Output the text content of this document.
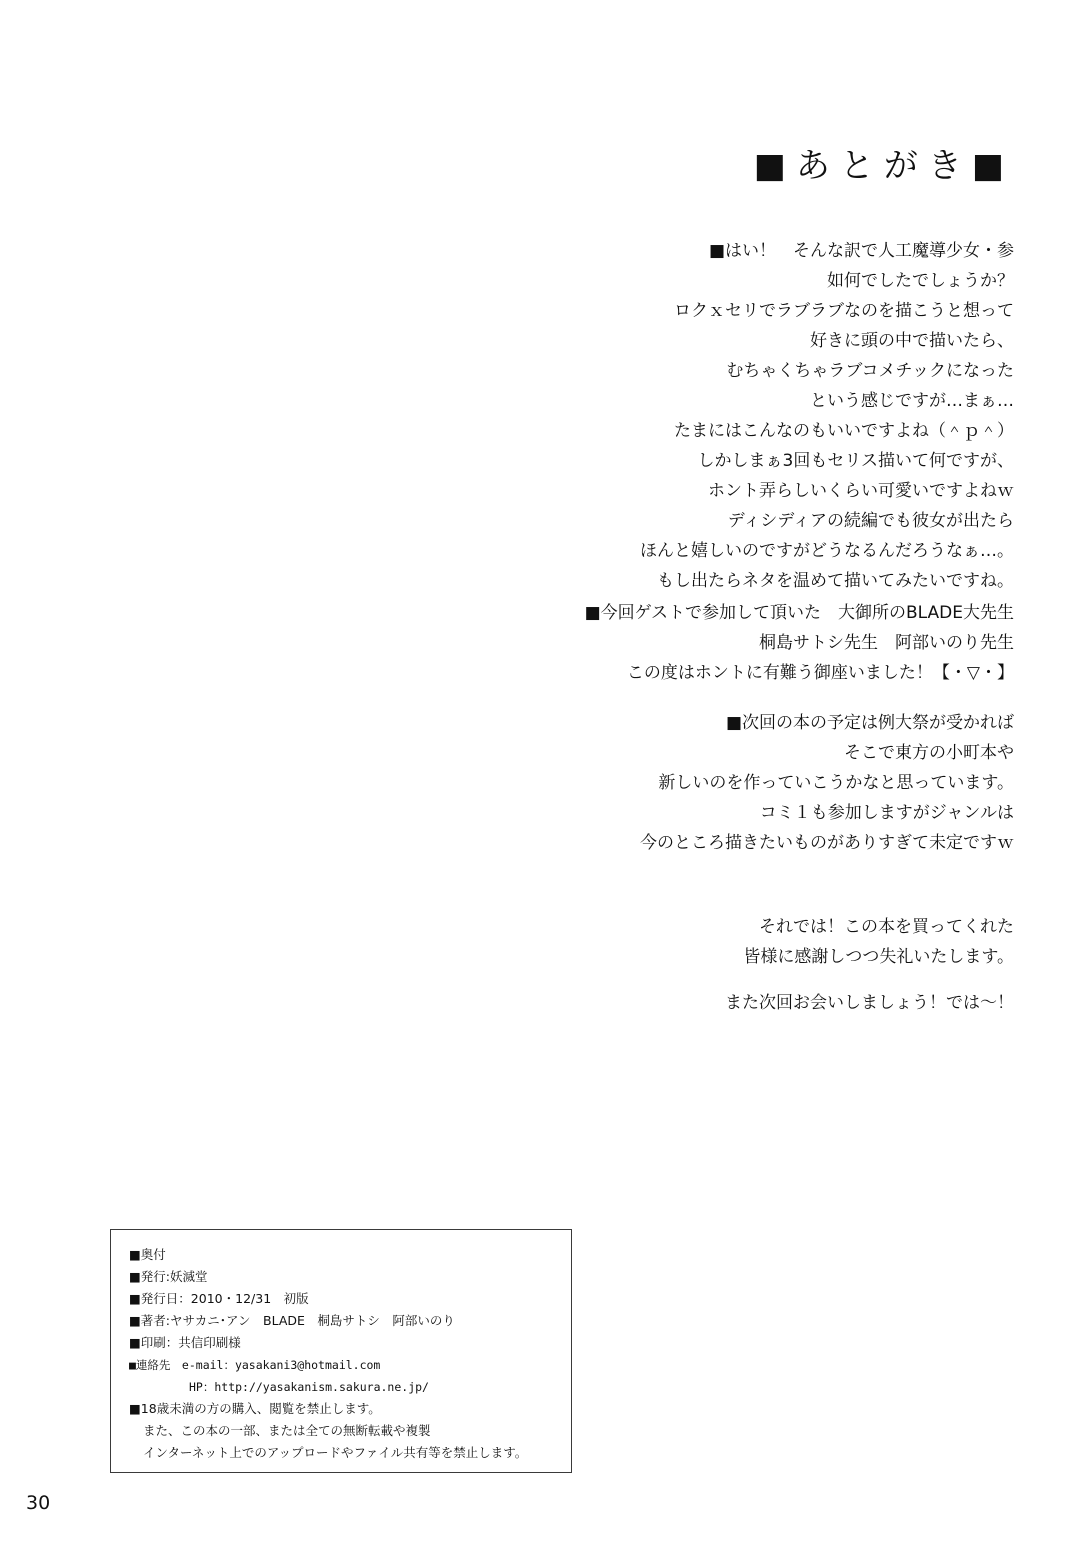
■あとがき■

■はい！　そんな訳で人工魔導少女・参

如何でしたでしょうか？

ロクｘセリでラブラブなのを描こうと想って

好きに頭の中で描いたら、

むちゃくちゃラブコメチックになった

という感じですが…まぁ…

たまにはこんなのもいいですよね（＾ｐ＾）

しかしまぁ3回もセリス描いて何ですが、

ホント弄らしいくらい可愛いですよねｗ

ディシディアの続編でも彼女が出たら

ほんと嬉しいのですがどうなるんだろうなぁ…。

もし出たらネタを温めて描いてみたいですね。

■今回ゲストで参加して頂いた　大御所のBLADE大先生

桐島サトシ先生　阿部いのり先生

この度はホントに有難う御座いました！【・▽・】

■次回の本の予定は例大祭が受かれば

そこで東方の小町本や

新しいのを作っていこうかなと思っています。

コミ１も参加しますがジャンルは

今のところ描きたいものがありすぎて未定ですｗ

それでは！この本を買ってくれた

皆様に感謝しつつ失礼いたします。

また次回お会いしましょう！では〜！

■奥付

■発行:妖滅堂

■発行日：2010・12/31　初版

■著者:ヤサカニ･アン　BLADE　桐島サトシ　阿部いのり

■印刷：共信印刷様

■連絡先　e-mail：yasakani3@hotmail.com

HP：http://yasakanism.sakura.ne.jp/

■18歳未満の方の購入、閲覧を禁止します。

また、この本の一部、または全ての無断転載や複製

インターネット上でのアップロードやファイル共有等を禁止します。

30
